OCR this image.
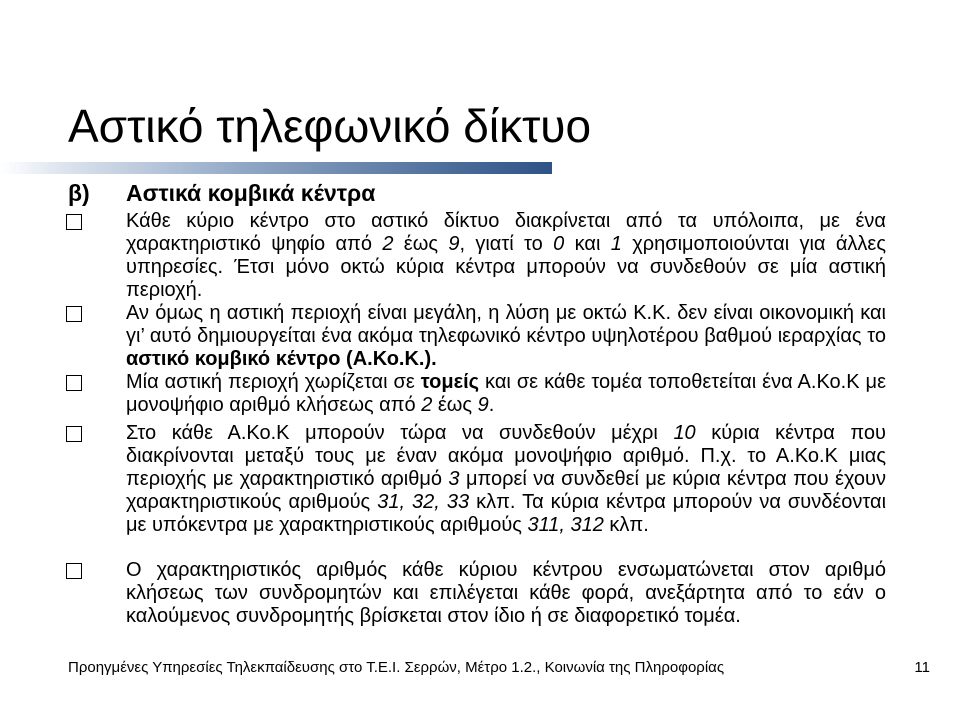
Αστικό τηλεφωνικό δίκτυο
β) Αστικά κομβικά κέντρα
Κάθε κύριο κέντρο στο αστικό δίκτυο διακρίνεται από τα υπόλοιπα, με ένα χαρακτηριστικό ψηφίο από 2 έως 9, γιατί το 0 και 1 χρησιμοποιούνται για άλλες υπηρεσίες. Έτσι μόνο οκτώ κύρια κέντρα μπορούν να συνδεθούν σε μία αστική περιοχή.
Αν όμως η αστική περιοχή είναι μεγάλη, η λύση με οκτώ Κ.Κ. δεν είναι οικονομική και γι’ αυτό δημιουργείται ένα ακόμα τηλεφωνικό κέντρο υψηλοτέρου βαθμού ιεραρχίας το αστικό κομβικό κέντρο (Α.Κο.Κ.).
Μία αστική περιοχή χωρίζεται σε τομείς και σε κάθε τομέα τοποθετείται ένα Α.Κο.Κ με μονοψήφιο αριθμό κλήσεως από 2 έως 9.
Στο κάθε Α.Κο.Κ μπορούν τώρα να συνδεθούν μέχρι 10 κύρια κέντρα που διακρίνονται μεταξύ τους με έναν ακόμα μονοψήφιο αριθμό. Π.χ. το Α.Κο.Κ μιας περιοχής με χαρακτηριστικό αριθμό 3 μπορεί να συνδεθεί με κύρια κέντρα που έχουν χαρακτηριστικούς αριθμούς 31, 32, 33 κλπ. Τα κύρια κέντρα μπορούν να συνδέονται με υπόκεντρα με χαρακτηριστικούς αριθμούς 311, 312 κλπ.
Ο χαρακτηριστικός αριθμός κάθε κύριου κέντρου ενσωματώνεται στον αριθμό κλήσεως των συνδρομητών και επιλέγεται κάθε φορά, ανεξάρτητα από το εάν ο καλούμενος συνδρομητής βρίσκεται στον ίδιο ή σε διαφορετικό τομέα.
Προηγμένες Υπηρεσίες Τηλεκπαίδευσης στο Τ.Ε.Ι. Σερρών, Μέτρο 1.2., Κοινωνία της Πληροφορίας	11
